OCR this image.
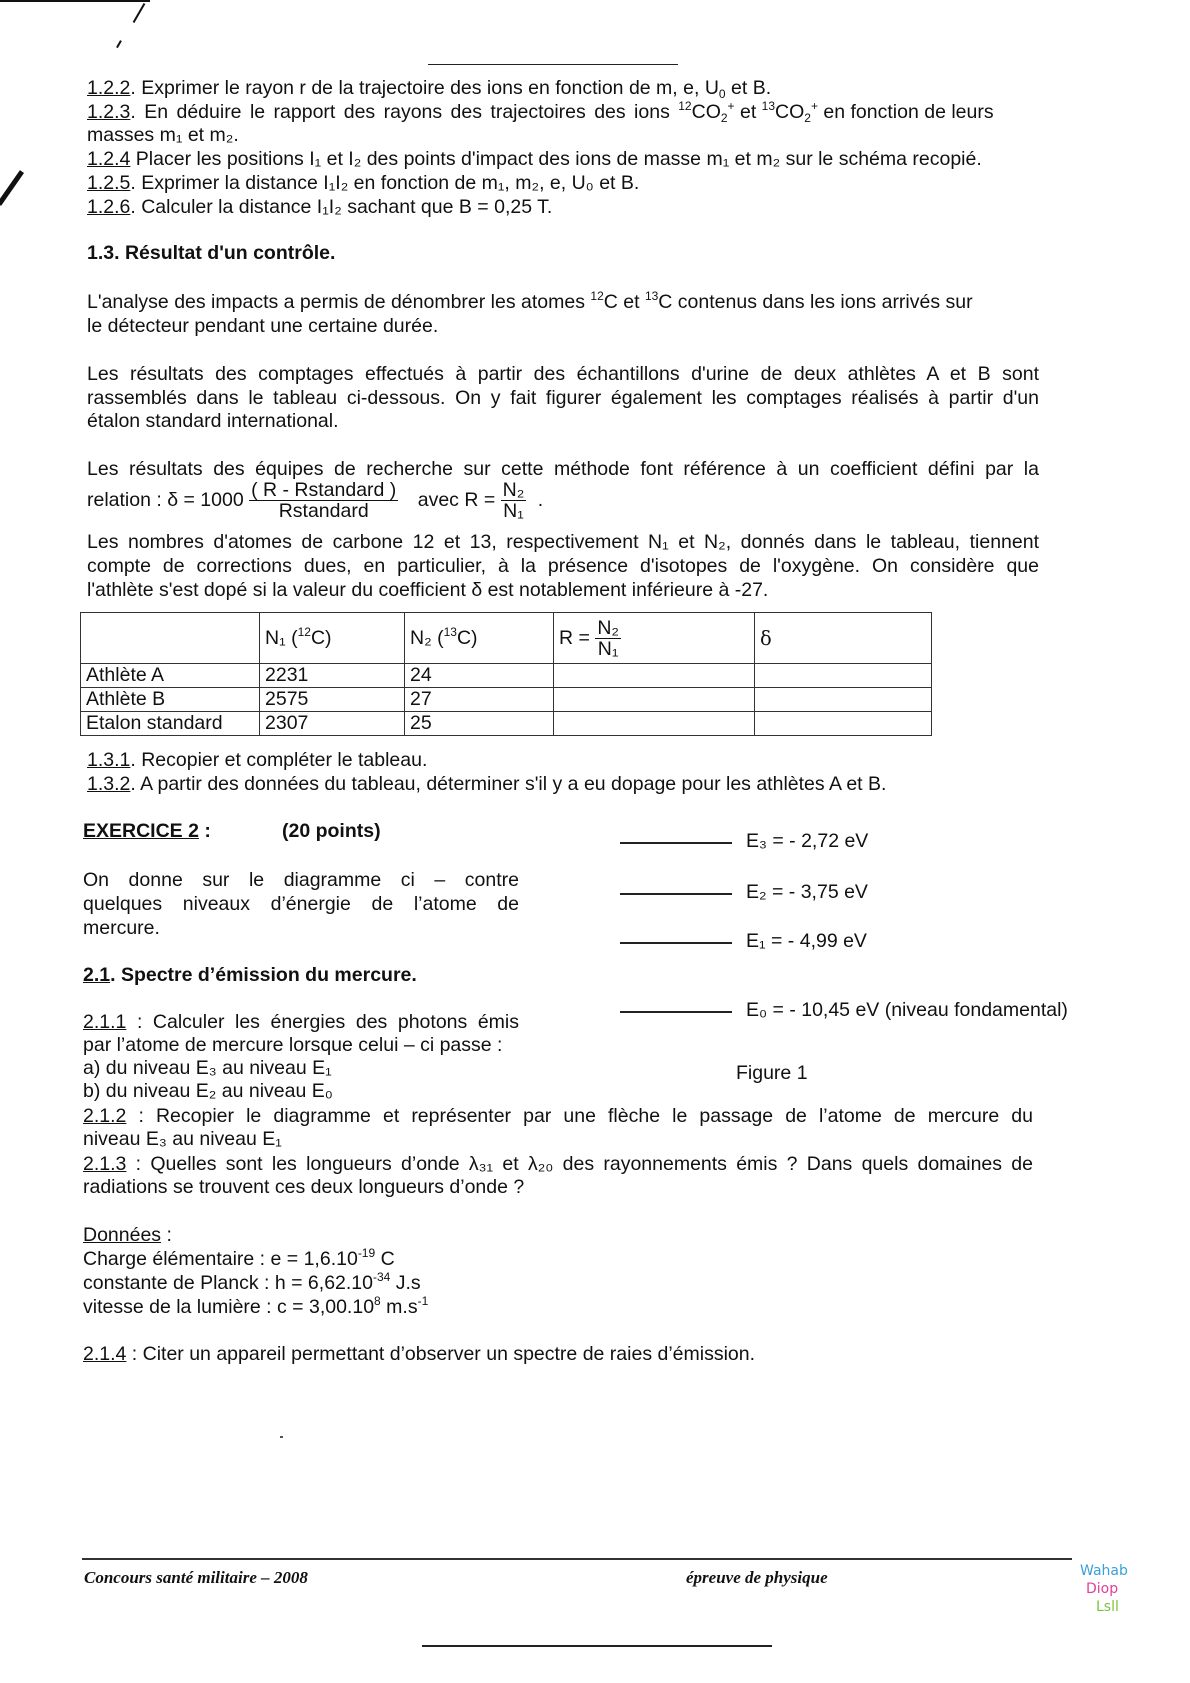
1.2.2. Exprimer le rayon r de la trajectoire des ions en fonction de m, e, $U_0$ et B.
1.2.3. En déduire le rapport des rayons des trajectoires des ions $^{12}CO_2^+$ et $^{13}CO_2^+$ en fonction de leurs
masses m₁ et m₂.
1.2.4 Placer les positions I₁ et I₂ des points d'impact des ions de masse m₁ et m₂ sur le schéma recopié.
1.2.5. Exprimer la distance I₁I₂ en fonction de m₁, m₂, e, U₀ et B.
1.2.6. Calculer la distance I₁I₂ sachant que B = 0,25 T.
1.3. Résultat d'un contrôle.
L'analyse des impacts a permis de dénombrer les atomes $^{12}$C et $^{13}$C contenus dans les ions arrivés sur
le détecteur pendant une certaine durée.
Les résultats des comptages effectués à partir des échantillons d'urine de deux athlètes A et B sont
rassemblés dans le tableau ci-dessous. On y fait figurer également les comptages réalisés à partir d'un
étalon standard international.
Les résultats des équipes de recherche sur cette méthode font référence à un coefficient défini par la
relation : $\delta = 1000 \frac{\text{( R - Rstandard )}}{\text{Rstandard}}$ avec $R = \frac{\text{N₂}}{\text{N₁}}$ .
Les nombres d'atomes de carbone 12 et 13, respectivement N₁ et N₂, donnés dans le tableau, tiennent
compte de corrections dues, en particulier, à la présence d'isotopes de l'oxygène. On considère que
l'athlète s'est dopé si la valeur du coefficient δ est notablement inférieure à -27.
	N₁ ($^{12}$C)	N₂ ($^{13}$C)	$R = \frac{\text{N₂}}{\text{N₁}}$	δ
Athlète A	2231	24		
Athlète B	2575	27		
Etalon standard	2307	25		
1.3.1. Recopier et compléter le tableau.
1.3.2. A partir des données du tableau, déterminer s'il y a eu dopage pour les athlètes A et B.
EXERCICE 2 :	(20 points)
On donne sur le diagramme ci – contre
quelques niveaux d’énergie de l’atome de
mercure.
2.1. Spectre d’émission du mercure.
2.1.1 : Calculer les énergies des photons émis
par l’atome de mercure lorsque celui – ci passe :
a) du niveau E₃ au niveau E₁
b) du niveau E₂ au niveau E₀
2.1.2 : Recopier le diagramme et représenter par une flèche le passage de l’atome de mercure du
niveau E₃ au niveau E₁
2.1.3 : Quelles sont les longueurs d’onde λ₃₁ et λ₂₀ des rayonnements émis ? Dans quels domaines de
radiations se trouvent ces deux longueurs d’onde ?
Données :
Charge élémentaire : $e = 1,6.10^{-19}$ C
constante de Planck : $h = 6,62.10^{-34}$ J.s
vitesse de la lumière : $c = 3,00.10^8$ $m.s^{-1}$
2.1.4 : Citer un appareil permettant d’observer un spectre de raies d’émission.
E₃ = - 2,72 eV
E₂ = - 3,75 eV
E₁ = - 4,99 eV
E₀ = - 10,45 eV (niveau fondamental)
Figure 1
Concours santé militaire – 2008	épreuve de physique	Wahab
Diop
Lsll
